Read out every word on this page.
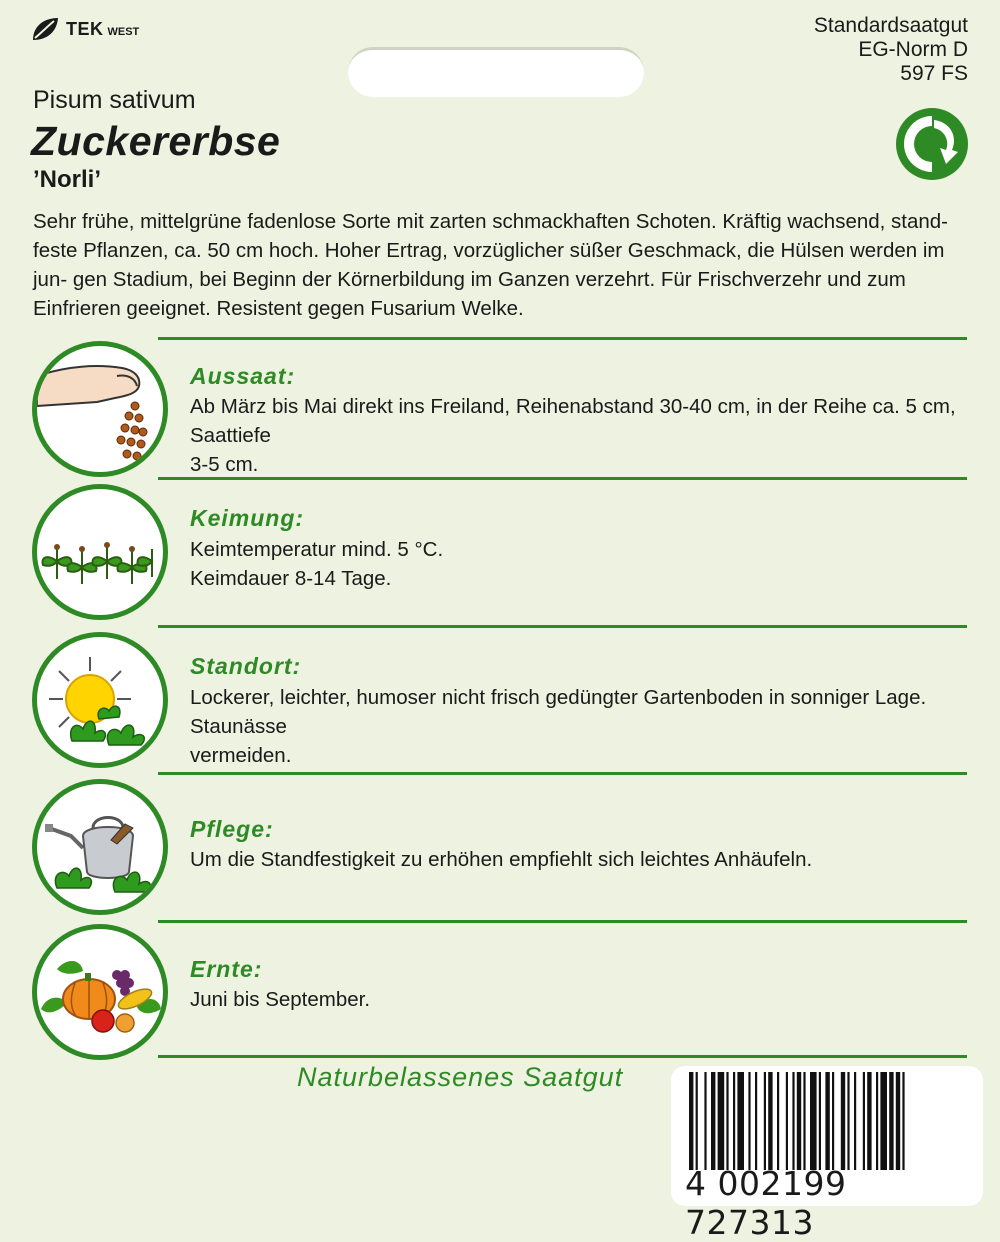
TEK WEST	Standardsaatgut
EG-Norm D
597 FS
Pisum sativum
Zuckererbse
’Norli’
Sehr frühe, mittelgrüne fadenlose Sorte mit zarten schmackhaften Schoten. Kräftig wachsend, stand- feste Pflanzen, ca. 50 cm hoch. Hoher Ertrag, vorzüglicher süßer Geschmack, die Hülsen werden im jun- gen Stadium, bei Beginn der Körnerbildung im Ganzen verzehrt. Für Frischverzehr und zum Einfrieren geeignet. Resistent gegen Fusarium Welke.
Aussaat:
Ab März bis Mai direkt ins Freiland, Reihenabstand 30-40 cm, in der Reihe ca. 5 cm, Saattiefe
3-5 cm.
Keimung:
Keimtemperatur mind. 5 °C.
Keimdauer 8-14 Tage.
Standort:
Lockerer, leichter, humoser nicht frisch gedüngter Gartenboden in sonniger Lage. Staunässe
vermeiden.
Pflege:
Um die Standfestigkeit zu erhöhen empfiehlt sich leichtes Anhäufeln.
Ernte:
Juni bis September.
Naturbelassenes Saatgut
4 002199 727313
